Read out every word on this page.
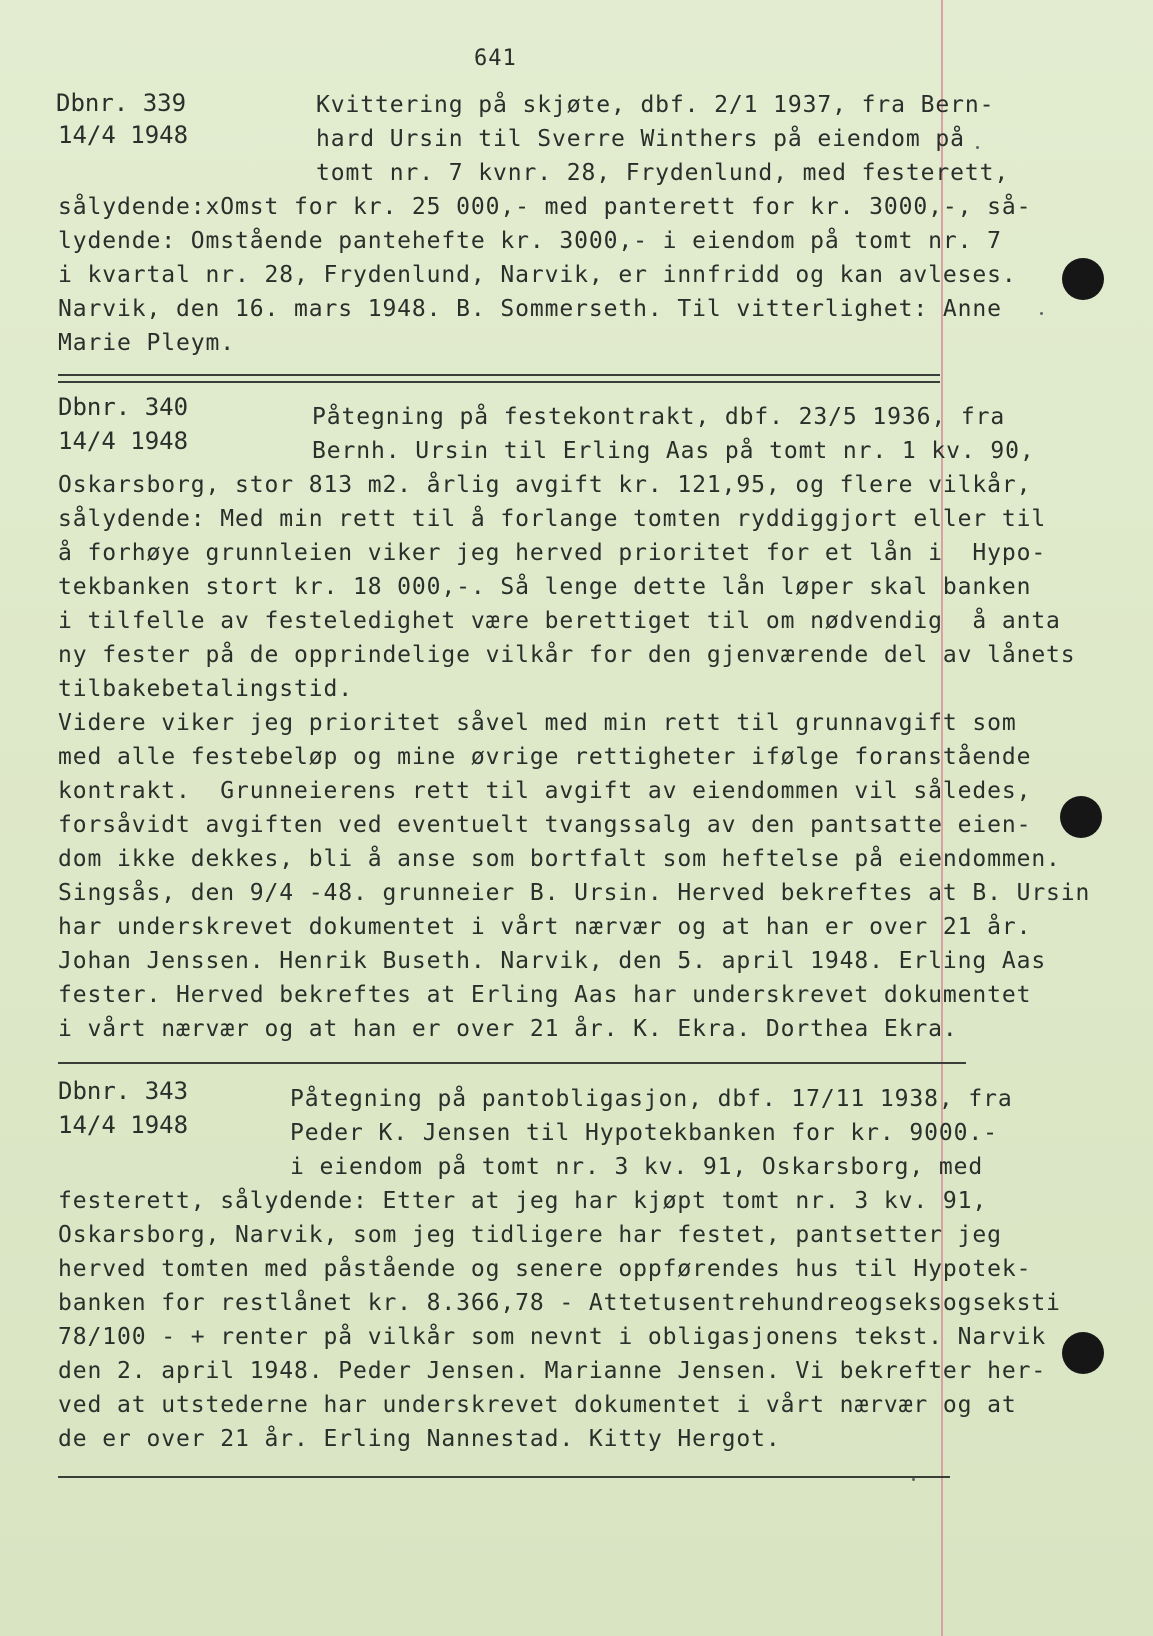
641
Dbnr. 339
14/4 1948
Kvittering på skjøte, dbf. 2/1 1937, fra Bern-
hard Ursin til Sverre Winthers på eiendom på
tomt nr. 7 kvnr. 28, Frydenlund, med festerett,
sålydende:xOmst for kr. 25 000,- med panterett for kr. 3000,-, så-
lydende: Omstående pantehefte kr. 3000,- i eiendom på tomt nr. 7
i kvartal nr. 28, Frydenlund, Narvik, er innfridd og kan avleses.
Narvik, den 16. mars 1948. B. Sommerseth. Til vitterlighet: Anne
Marie Pleym.
Dbnr. 340
14/4 1948
Påtegning på festekontrakt, dbf. 23/5 1936, fra
Bernh. Ursin til Erling Aas på tomt nr. 1 kv. 90,
Oskarsborg, stor 813 m2. årlig avgift kr. 121,95, og flere vilkår,
sålydende: Med min rett til å forlange tomten ryddiggjort eller til
å forhøye grunnleien viker jeg herved prioritet for et lån i  Hypo-
tekbanken stort kr. 18 000,-. Så lenge dette lån løper skal banken
i tilfelle av festeledighet være berettiget til om nødvendig  å anta
ny fester på de opprindelige vilkår for den gjenværende del av lånets
tilbakebetalingstid.
Videre viker jeg prioritet såvel med min rett til grunnavgift som
med alle festebeløp og mine øvrige rettigheter ifølge foranstående
kontrakt.  Grunneierens rett til avgift av eiendommen vil således,
forsåvidt avgiften ved eventuelt tvangssalg av den pantsatte eien-
dom ikke dekkes, bli å anse som bortfalt som heftelse på eiendommen.
Singsås, den 9/4 -48. grunneier B. Ursin. Herved bekreftes at B. Ursin
har underskrevet dokumentet i vårt nærvær og at han er over 21 år.
Johan Jenssen. Henrik Buseth. Narvik, den 5. april 1948. Erling Aas
fester. Herved bekreftes at Erling Aas har underskrevet dokumentet
i vårt nærvær og at han er over 21 år. K. Ekra. Dorthea Ekra.
Dbnr. 343
14/4 1948
Påtegning på pantobligasjon, dbf. 17/11 1938, fra
Peder K. Jensen til Hypotekbanken for kr. 9000.-
i eiendom på tomt nr. 3 kv. 91, Oskarsborg, med
festerett, sålydende: Etter at jeg har kjøpt tomt nr. 3 kv. 91,
Oskarsborg, Narvik, som jeg tidligere har festet, pantsetter jeg
herved tomten med påstående og senere oppførendes hus til Hypotek-
banken for restlånet kr. 8.366,78 - Attetusentrehundreogseksogseksti
78/100 - + renter på vilkår som nevnt i obligasjonens tekst. Narvik
den 2. april 1948. Peder Jensen. Marianne Jensen. Vi bekrefter her-
ved at utstederne har underskrevet dokumentet i vårt nærvær og at
de er over 21 år. Erling Nannestad. Kitty Hergot.
